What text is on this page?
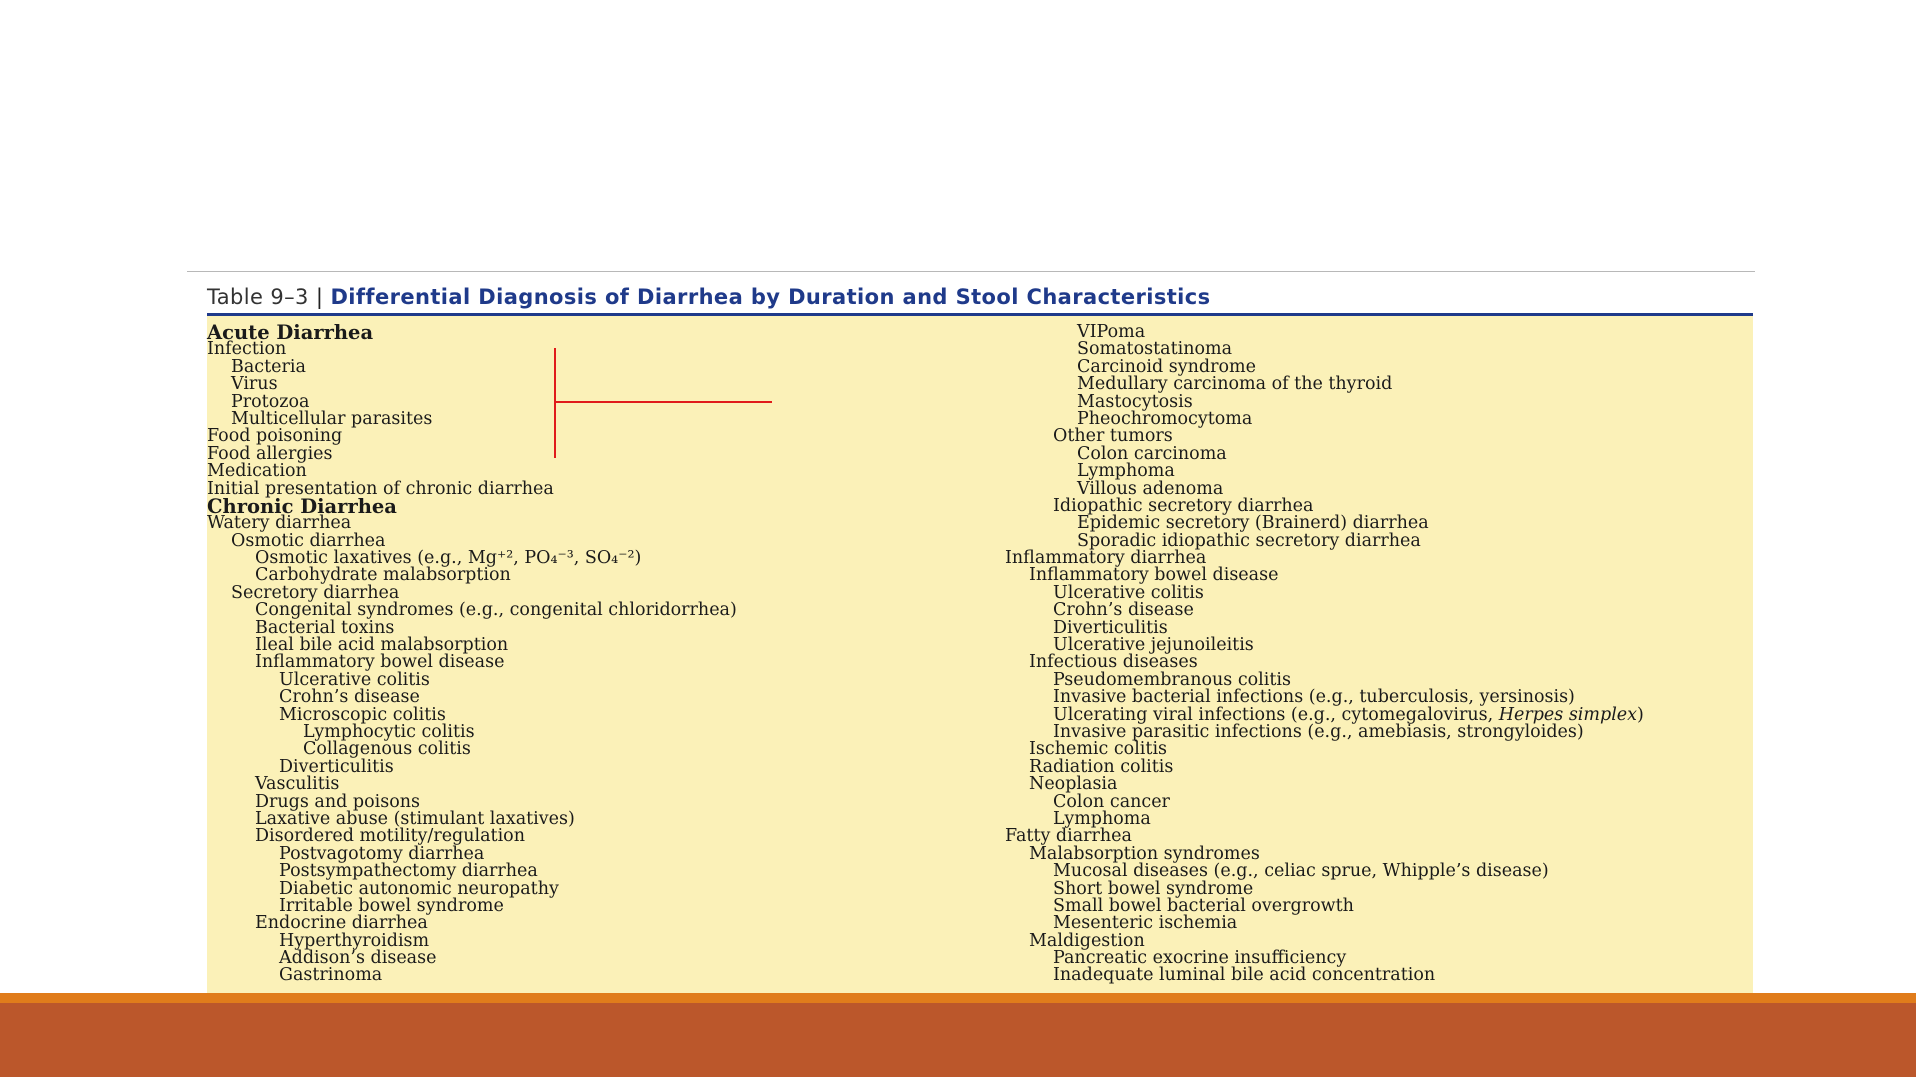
Table 9–3 | Differential Diagnosis of Diarrhea by Duration and Stool Characteristics
Acute Diarrhea
Infection
Bacteria
Virus
Protozoa
Multicellular parasites
Food poisoning
Food allergies
Medication
Initial presentation of chronic diarrhea
Chronic Diarrhea
Watery diarrhea
Osmotic diarrhea
Osmotic laxatives (e.g., Mg⁺², PO₄⁻³, SO₄⁻²)
Carbohydrate malabsorption
Secretory diarrhea
Congenital syndromes (e.g., congenital chloridorrhea)
Bacterial toxins
Ileal bile acid malabsorption
Inflammatory bowel disease
Ulcerative colitis
Crohn’s disease
Microscopic colitis
Lymphocytic colitis
Collagenous colitis
Diverticulitis
Vasculitis
Drugs and poisons
Laxative abuse (stimulant laxatives)
Disordered motility/regulation
Postvagotomy diarrhea
Postsympathectomy diarrhea
Diabetic autonomic neuropathy
Irritable bowel syndrome
Endocrine diarrhea
Hyperthyroidism
Addison’s disease
Gastrinoma
VIPoma
Somatostatinoma
Carcinoid syndrome
Medullary carcinoma of the thyroid
Mastocytosis
Pheochromocytoma
Other tumors
Colon carcinoma
Lymphoma
Villous adenoma
Idiopathic secretory diarrhea
Epidemic secretory (Brainerd) diarrhea
Sporadic idiopathic secretory diarrhea
Inflammatory diarrhea
Inflammatory bowel disease
Ulcerative colitis
Crohn’s disease
Diverticulitis
Ulcerative jejunoileitis
Infectious diseases
Pseudomembranous colitis
Invasive bacterial infections (e.g., tuberculosis, yersinosis)
Ulcerating viral infections (e.g., cytomegalovirus, Herpes simplex)
Invasive parasitic infections (e.g., amebiasis, strongyloides)
Ischemic colitis
Radiation colitis
Neoplasia
Colon cancer
Lymphoma
Fatty diarrhea
Malabsorption syndromes
Mucosal diseases (e.g., celiac sprue, Whipple’s disease)
Short bowel syndrome
Small bowel bacterial overgrowth
Mesenteric ischemia
Maldigestion
Pancreatic exocrine insufficiency
Inadequate luminal bile acid concentration
